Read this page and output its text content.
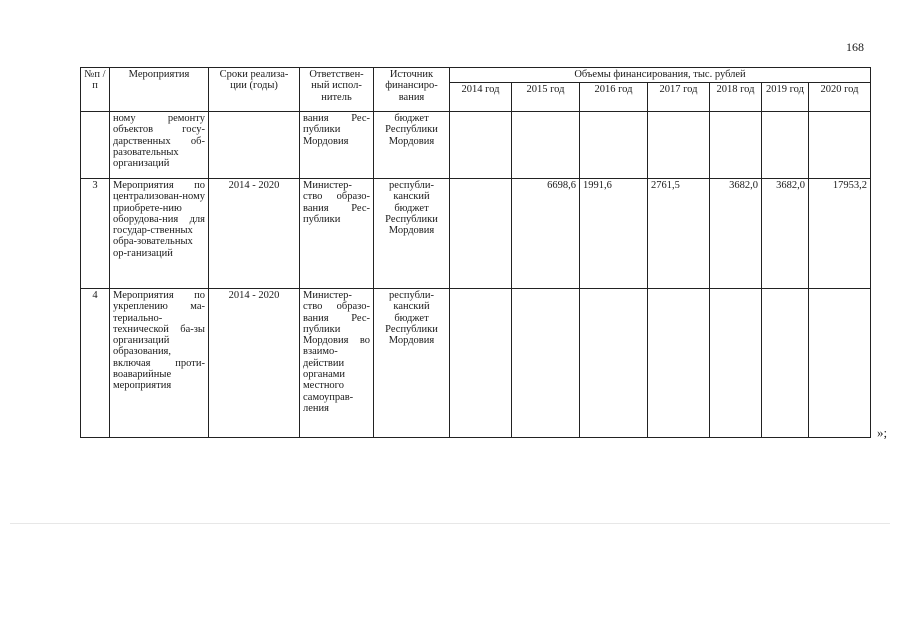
168
№п /п	Мероприятия	Сроки реализа-ции (годы)	Ответствен-ный испол-нитель	Источник финансиро-вания	Объемы финансирования, тыс. рублей						
					2014 год	2015 год	2016 год	2017 год	2018 год	2019 год	2020 год
	ному ремонту объектов госу-дарственных об-разовательных организаций		вания Рес-публики Мордовия	бюджет Республики Мордовия							
3	Мероприятия по централизован-ному приобрете-нию оборудова-ния для государ-ственных обра-зовательных ор-ганизаций	2014 - 2020	Министер-ство образо-вания Рес-публики	республи-канский бюджет Республики Мордовия		6698,6	1991,6	2761,5	3682,0	3682,0	17953,2
4	Мероприятия по укреплению ма-териально-технической ба-зы организаций образования, включая проти-воаварийные мероприятия	2014 - 2020	Министер-ство образо-вания Рес-публики Мордовия во взаимо-действии органами местного самоуправ-ления	республи-канский бюджет Республики Мордовия							
»;
